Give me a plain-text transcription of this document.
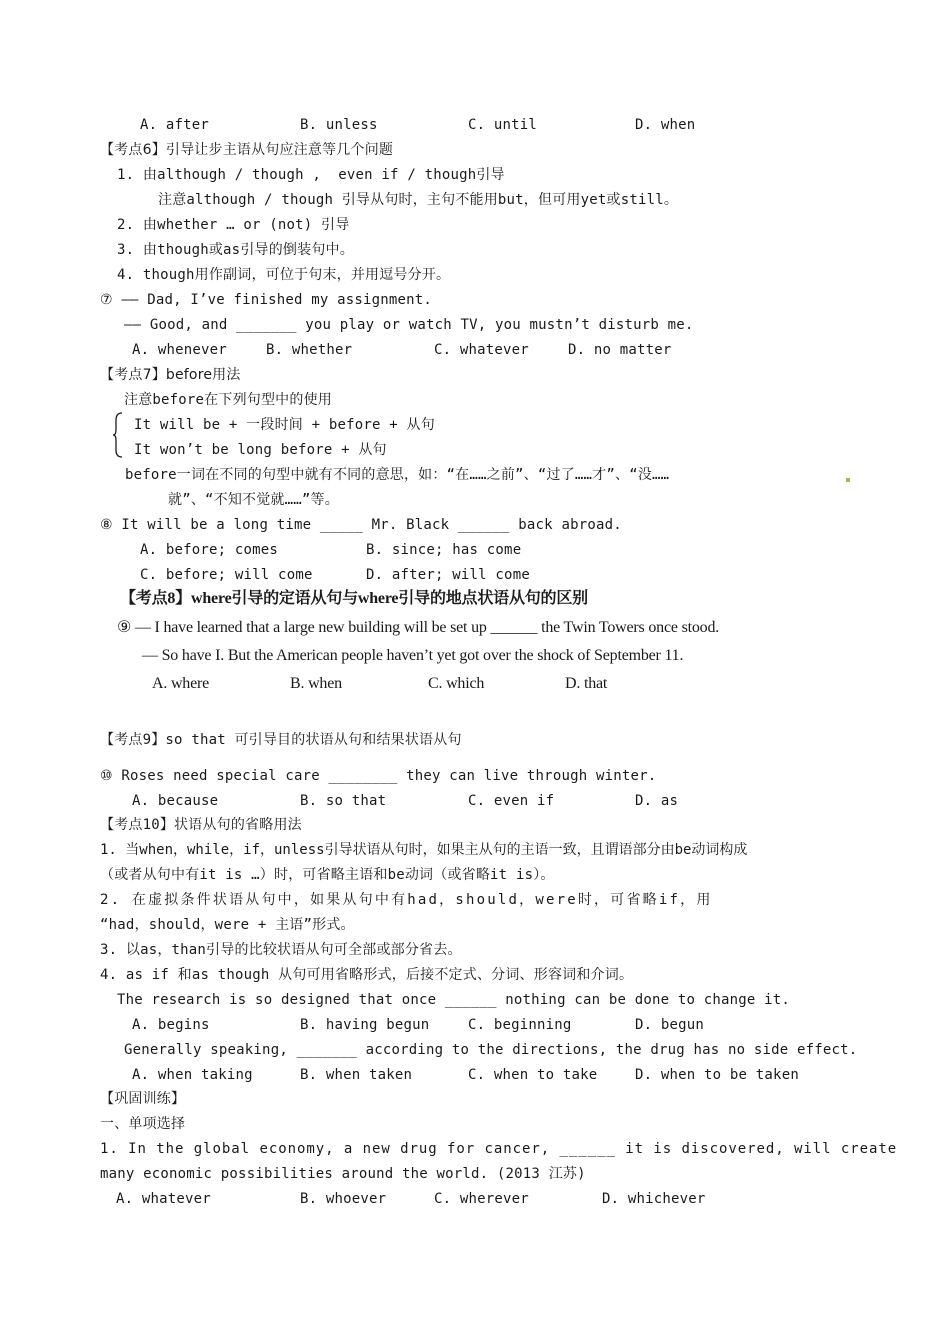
A. after	B. unless	C. until	D. when
【考点6】引导让步主语从句应注意等几个问题
1. 由although / though ,  even if / though引导
注意although / though 引导从句时，主句不能用but，但可用yet或still。
2. 由whether … or (not) 引导
3. 由though或as引导的倒装句中。
4. though用作副词，可位于句末，并用逗号分开。
⑦ —— Dad, I’ve finished my assignment.
—— Good, and _______ you play or watch TV, you mustn’t disturb me.
A. whenever	B. whether	C. whatever	D. no matter
【考点7】before用法
注意before在下列句型中的使用
It will be + 一段时间 + before + 从句
It won’t be long before + 从句
before一词在不同的句型中就有不同的意思，如：“在……之前”、“过了……才”、“没……
就”、“不知不觉就……”等。
⑧ It will be a long time _____ Mr. Black ______ back abroad.
A. before; comes	B. since; has come
C. before; will come	D. after; will come
【考点8】where引导的定语从句与where引导的地点状语从句的区别
⑨ — I have learned that a large new building will be set up ______ the Twin Towers once stood.
— So have I. But the American people haven’t yet got over the shock of September 11.
A. where	B. when	C. which	D. that
【考点9】so that 可引导目的状语从句和结果状语从句
⑩ Roses need special care ________ they can live through winter.
A. because	B. so that	C. even if	D. as
【考点10】状语从句的省略用法
1. 当when，while，if，unless引导状语从句时，如果主从句的主语一致，且谓语部分由be动词构成
（或者从句中有it is …）时，可省略主语和be动词（或省略it is）。
2. 在虚拟条件状语从句中，如果从句中有had，should，were时，可省略if，用
“had，should，were + 主语”形式。
3. 以as，than引导的比较状语从句可全部或部分省去。
4. as if 和as though 从句可用省略形式，后接不定式、分词、形容词和介词。
The research is so designed that once ______ nothing can be done to change it.
A. begins	B. having begun	C. beginning	D. begun
Generally speaking, _______ according to the directions, the drug has no side effect.
A. when taking	B. when taken	C. when to take	D. when to be taken
【巩固训练】
一、单项选择
1. In the global economy, a new drug for cancer, ______ it is discovered, will create
many economic possibilities around the world. (2013 江苏)
A. whatever	B. whoever	C. wherever	D. whichever
